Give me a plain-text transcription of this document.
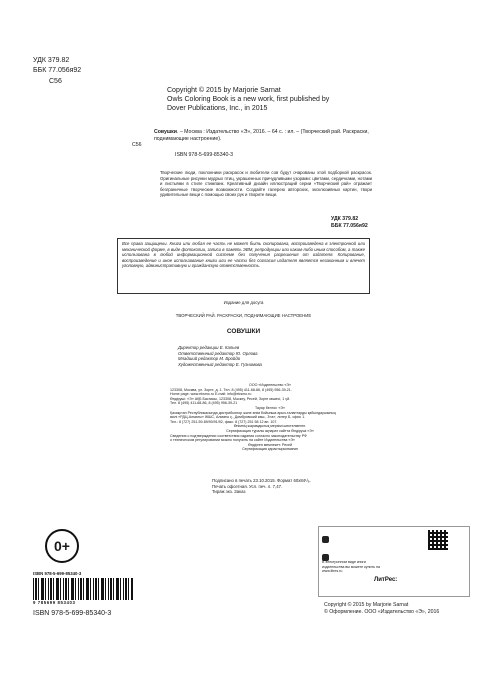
УДК 379.82
ББК 77.056я92
С56
Copyright © 2015 by Marjorie Sarnat
Owls Coloring Book is a new work, first published by
Dover Publications, Inc., in 2015
Совушки. – Москва : Издательство «Э», 2016. – 64 с. : ил. – (Творческий рай. Раскраски, поднимающие настроение).
С56
ISBN 978-5-699-85340-3
Творческие люди, поклонники раскрасок и любители сов будут очарованы этой подборкой раскрасок. Оригинальные рисунки мудрых птиц, украшенных причудливыми узорами: цветами, сердечками, нотами и листьями в стиле стимпанк. Креативный дизайн иллюстраций серии «Творческий рай» отражает безграничные творческие возможности. Создайте галерею авторских, эксклюзивных картин, твори удивительные вещи с помощью своих рук и творите вещи.
УДК 379.82
ББК 77.056я92
Все права защищены. Книга или любая ее часть не может быть скопирована, воспроизведена в электронной или механической форме, в виде фотокопии, записи в память ЭВМ, репродукции или каким-либо иным способом, а также использована в любой информационной системе без получения разрешения от издателя. Копирование, воспроизведение и иное использование книги или ее части без согласия издателя является незаконным и влечет уголовную, административную и гражданскую ответственность.
Издание для досуга
ТВОРЧЕСКИЙ РАЙ. РАСКРАСКИ, ПОДНИМАЮЩИЕ НАСТРОЕНИЕ
СОВУШКИ
Директор редакции Е. Капьев
Ответственный редактор Ю. Орлова
Младший редактор М. Бройдо
Художественный редактор Е. Гузнимова
ООО «Издательство «Э»
123308, Москва, ул. Зорге, д. 1. Тел. 8 (495) 411-68-86, 8 (495) 956-39-21.
Home page: www.eksmo.ru E-mail: info@eksmo.ru
Өндіруші: «Э» АҚБ Баспасы, 123308, Мәскеу, Ресей, Зорге көшесі, 1 үй.
Тел. 8 (495) 411-68-86, 8 (495) 956-39-21
Тауар белгісі: «Э»
Қазақстан Республикасында дистрибьютор және өнім бойынша арыз-талаптарды қабылдаушының
өкілі «РДЦ-Алматы» ЖШС, Алматы қ., Домбровский көш., 3«а», литер Б, офис 1.
Тел.: 8 (727) 251-59-89/90/91/92, факс: 8 (727) 251 58 12 вн. 107.
Өнімнің жарамдылық мерзімі шектелмеген.
Сертификация туралы ақпарат сайтта Өндіруші «Э»
Сведения о подтверждении соответствия издания согласно законодательству РФ
о техническом регулировании можно получить на сайте Издательства «Э»
Өндірген мемлекет: Ресей
Сертификация қарастырылмаған
Подписано в печать 23.10.2015. Формат 60x84¹/₈.
Печать офсетная. Усл. печ. л. 7,47.
Тираж экз. Заказ
0+
ISBN 978-5-699-85340-3
9 785699 853403
ISBN 978-5-699-85340-3

В электронном виде книги издательства вы можете купить на www.litres.ru
ЛитРес:
Copyright © 2015 by Marjorie Sarnat
© Оформление. ООО «Издательство «Э», 2016
